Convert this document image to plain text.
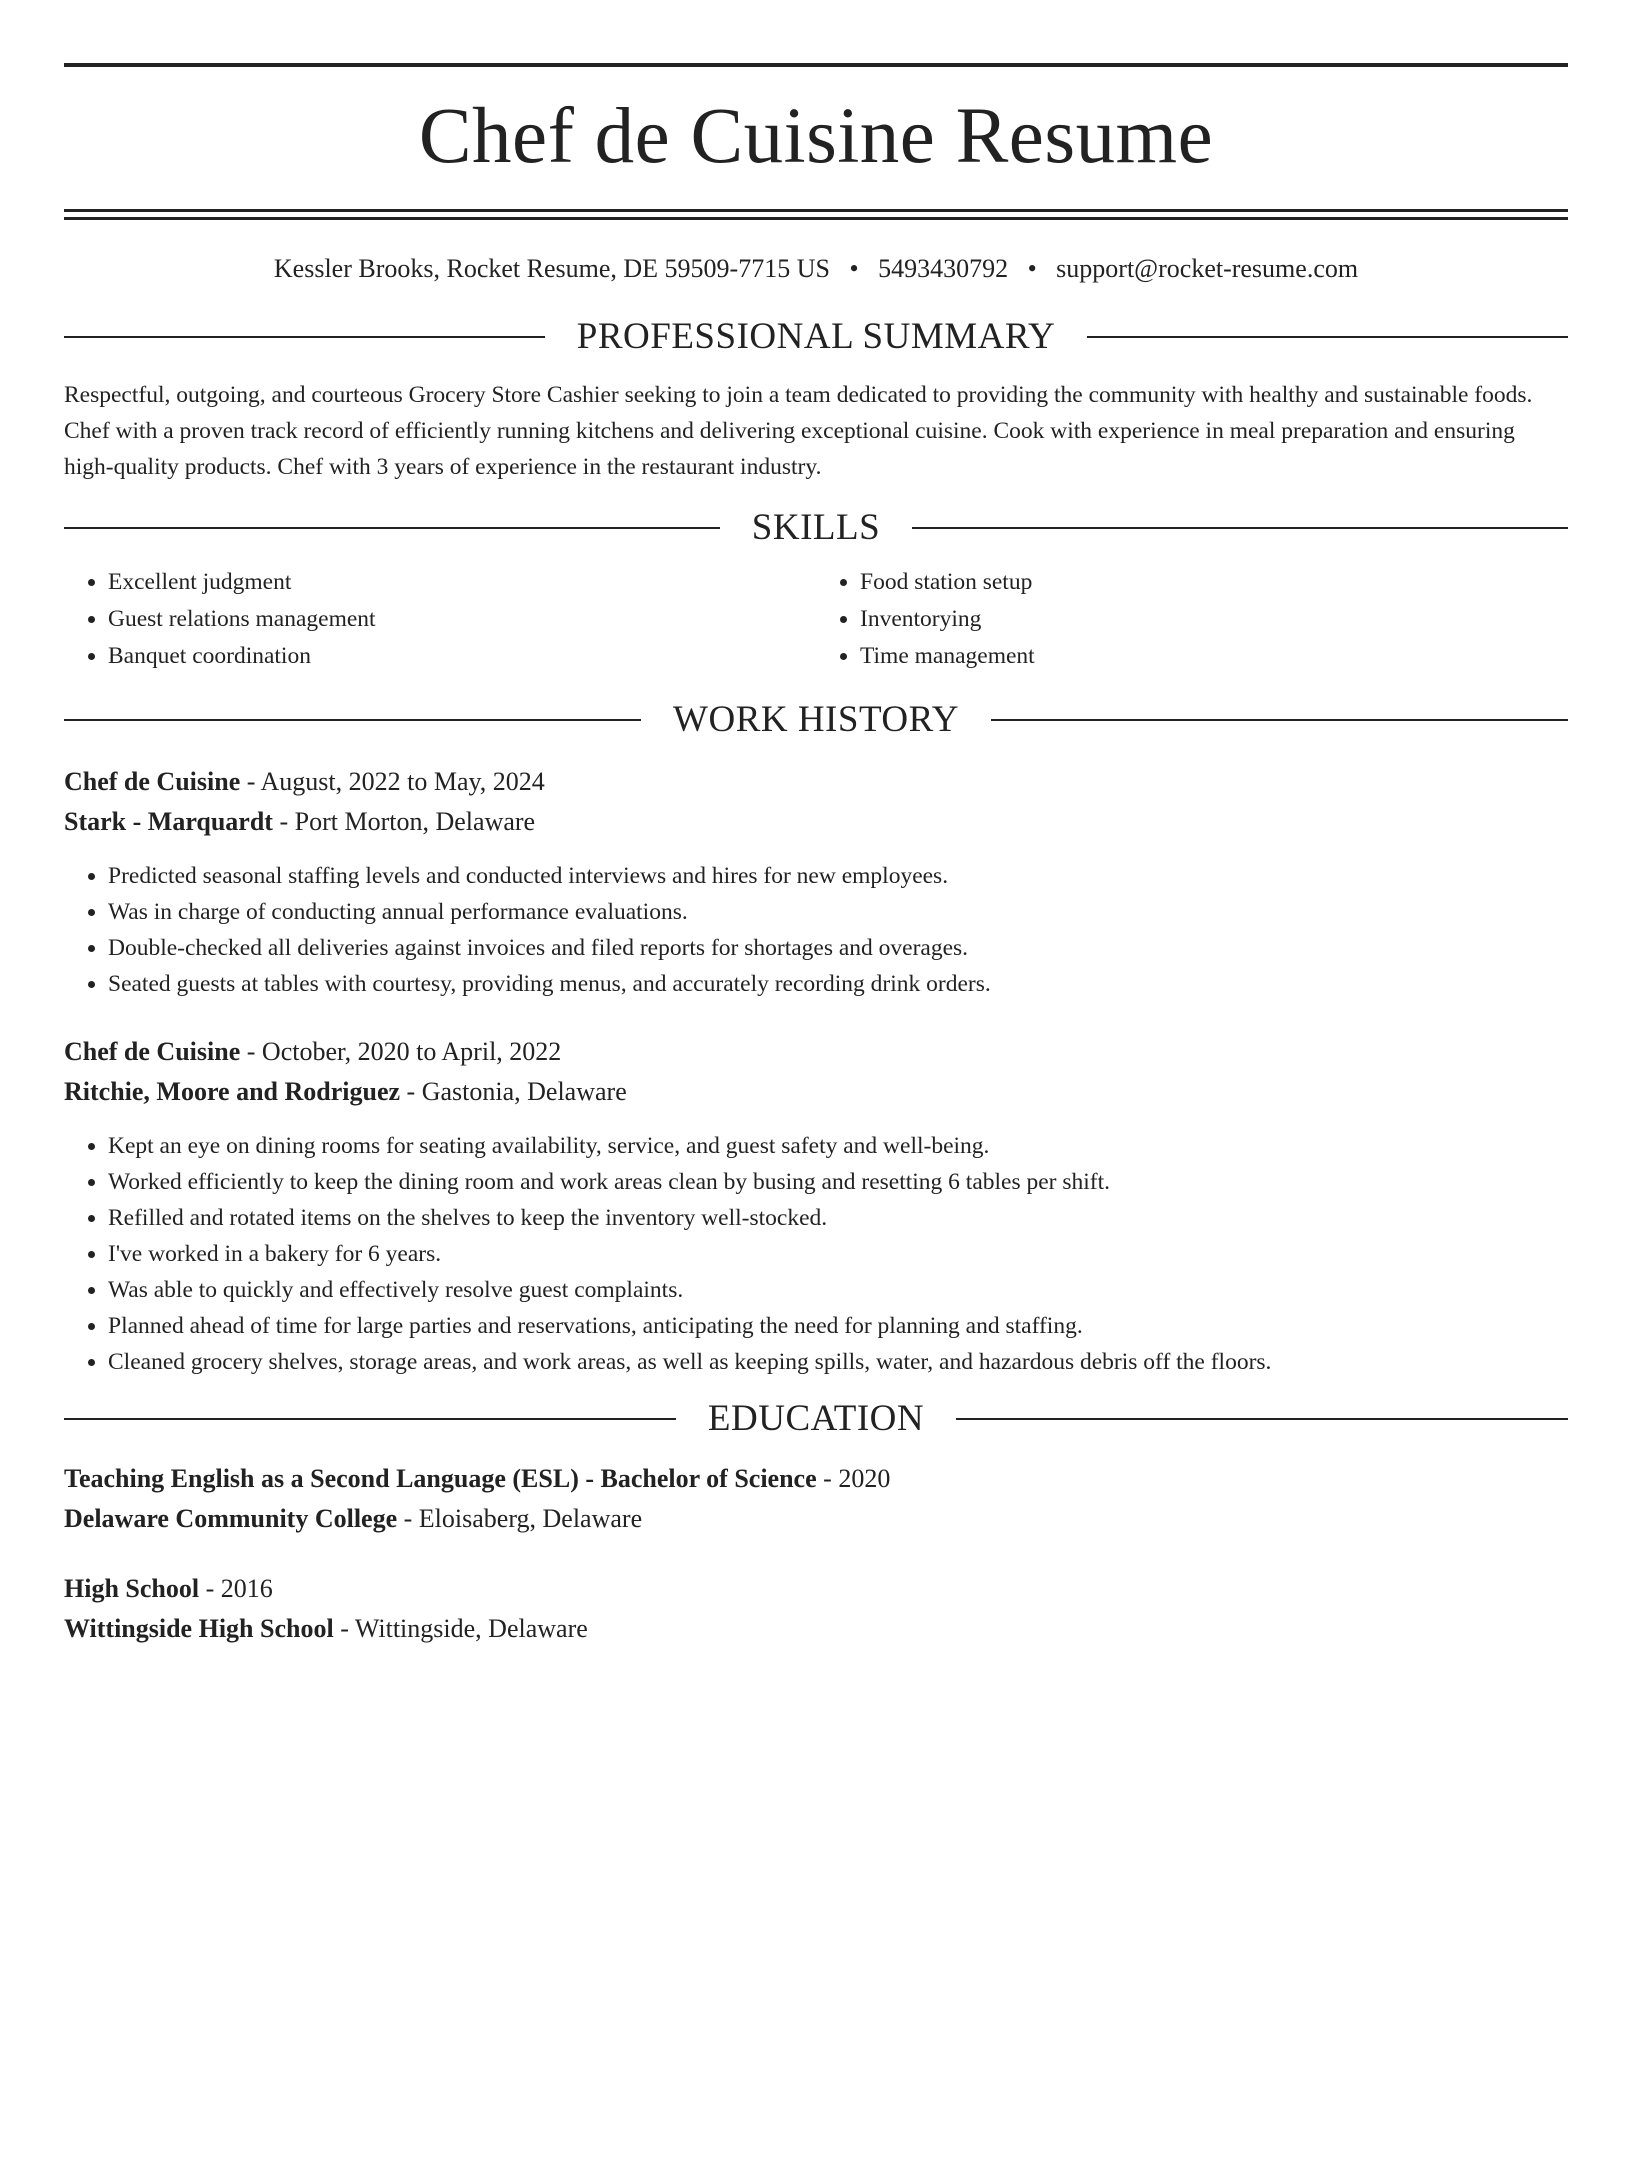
Chef de Cuisine Resume
Kessler Brooks, Rocket Resume, DE 59509-7715 US • 5493430792 • support@rocket-resume.com
PROFESSIONAL SUMMARY
Respectful, outgoing, and courteous Grocery Store Cashier seeking to join a team dedicated to providing the community with healthy and sustainable foods. Chef with a proven track record of efficiently running kitchens and delivering exceptional cuisine. Cook with experience in meal preparation and ensuring high-quality products. Chef with 3 years of experience in the restaurant industry.
SKILLS
• Excellent judgment
• Guest relations management
• Banquet coordination
• Food station setup
• Inventorying
• Time management
WORK HISTORY
Chef de Cuisine - August, 2022 to May, 2024
Stark - Marquardt - Port Morton, Delaware
• Predicted seasonal staffing levels and conducted interviews and hires for new employees.
• Was in charge of conducting annual performance evaluations.
• Double-checked all deliveries against invoices and filed reports for shortages and overages.
• Seated guests at tables with courtesy, providing menus, and accurately recording drink orders.
Chef de Cuisine - October, 2020 to April, 2022
Ritchie, Moore and Rodriguez - Gastonia, Delaware
• Kept an eye on dining rooms for seating availability, service, and guest safety and well-being.
• Worked efficiently to keep the dining room and work areas clean by busing and resetting 6 tables per shift.
• Refilled and rotated items on the shelves to keep the inventory well-stocked.
• I've worked in a bakery for 6 years.
• Was able to quickly and effectively resolve guest complaints.
• Planned ahead of time for large parties and reservations, anticipating the need for planning and staffing.
• Cleaned grocery shelves, storage areas, and work areas, as well as keeping spills, water, and hazardous debris off the floors.
EDUCATION
Teaching English as a Second Language (ESL) - Bachelor of Science - 2020
Delaware Community College - Eloisaberg, Delaware
High School - 2016
Wittingside High School - Wittingside, Delaware
